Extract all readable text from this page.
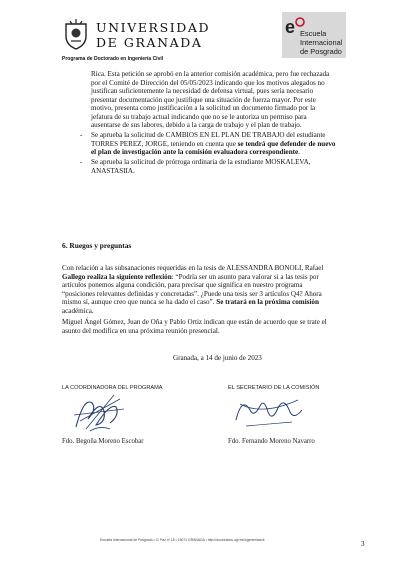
UNIVERSIDAD
DE GRANADA
Programa de Doctorado en Ingeniería Civil
e Escuela
Internacional
de Posgrado
Rica. Esta petición se aprobó en la anterior comisión académica, pero fue rechazada
por el Comité de Dirección del 05/05/2023 indicando que los motivos alegados no
justifican suficientemente la necesidad de defensa virtual, pues sería necesario
presentar documentación que justifique una situación de fuerza mayor. Por este
motivo, presenta como justificación a la solicitud un documento firmado por la
jefatura de su trabajo actual indicando que no se le autoriza un permiso para
ausentarse de sus labores, debido a la carga de trabajo y el plan de trabajo.
- Se aprueba la solicitud de CAMBIOS EN EL PLAN DE TRABAJO del estudiante
TORRES PEREZ, JORGE, teniendo en cuenta que se tendrá que defender de nuevo
el plan de investigación ante la comisión evaluadora correspondiente.
- Se aprueba la solicitud de prórroga ordinaria de la estudiante MOSKALEVA,
ANASTASIIA.
6. Ruegos y preguntas
Con relación a las subsanaciones requeridas en la tesis de ALESSANDRA BONOLI, Rafael
Gallego realiza la siguiente reflexión: “Podría ser un asunto para valorar si a las tesis por
artículos ponemos alguna condición, para precisar que significa en nuestro programa
“posiciones relevantes definidas y concretadas”. ¿Puede una tesis ser 3 artículos Q4? Ahora
mismo sí, aunque creo que nunca se ha dado el caso”. Se tratará en la próxima comisión
académica.
Miguel Ángel Gómez, Juan de Oña y Pablo Ortiz indican que están de acuerdo que se trate el
asunto del modifica en una próxima reunión presencial.
Granada, a 14 de junio de 2023
LA COORDINADORA DEL PROGRAMA	EL SECRETARIO DE LA COMISIÓN
Fdo. Begoña Moreno Escobar	Fdo. Fernando Moreno Navarro
Escuela Internacional de Posgrado • C/ Paz nº 18 • 18071 GRANADA • http://doctorados.ugr.es/ingenieriacivil	3
